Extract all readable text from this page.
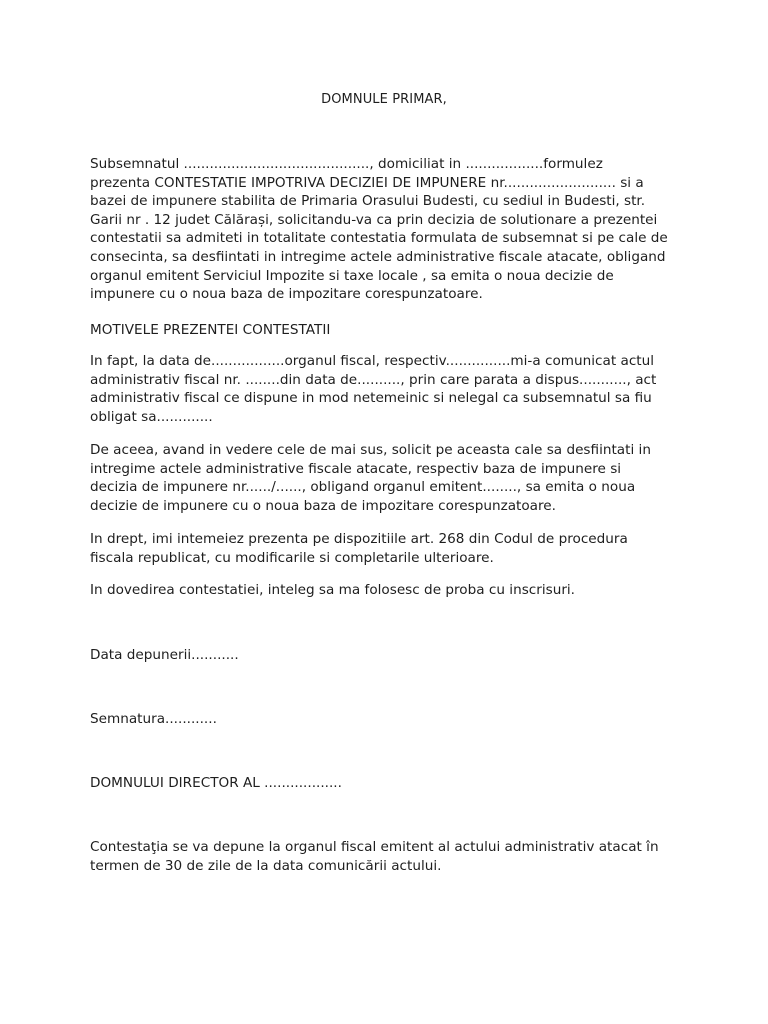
DOMNULE PRIMAR,
Subsemnatul ..........................................., domiciliat in ..................formulez
prezenta CONTESTATIE IMPOTRIVA DECIZIEI DE IMPUNERE nr.......................... si a
bazei de impunere stabilita de Primaria Orasului Budesti, cu sediul in Budesti, str.
Garii nr . 12 judet Călărași, solicitandu-va ca prin decizia de solutionare a prezentei
contestatii sa admiteti in totalitate contestatia formulata de subsemnat si pe cale de
consecinta, sa desfiintati in intregime actele administrative fiscale atacate, obligand
organul emitent Serviciul Impozite si taxe locale , sa emita o noua decizie de
impunere cu o noua baza de impozitare corespunzatoare.
MOTIVELE PREZENTEI CONTESTATII
In fapt, la data de.................organul fiscal, respectiv...............mi-a comunicat actul
administrativ fiscal nr. ........din data de.........., prin care parata a dispus..........., act
administrativ fiscal ce dispune in mod netemeinic si nelegal ca subsemnatul sa fiu
obligat sa.............
De aceea, avand in vedere cele de mai sus, solicit pe aceasta cale sa desfiintati in
intregime actele administrative fiscale atacate, respectiv baza de impunere si
decizia de impunere nr....../......, obligand organul emitent........, sa emita o noua
decizie de impunere cu o noua baza de impozitare corespunzatoare.
In drept, imi intemeiez prezenta pe dispozitiile art. 268 din Codul de procedura
fiscala republicat, cu modificarile si completarile ulterioare.
In dovedirea contestatiei, inteleg sa ma folosesc de proba cu inscrisuri.
Data depunerii...........
Semnatura............
DOMNULUI DIRECTOR AL ..................
Contestaţia se va depune la organul fiscal emitent al actului administrativ atacat în
termen de 30 de zile de la data comunicării actului.
